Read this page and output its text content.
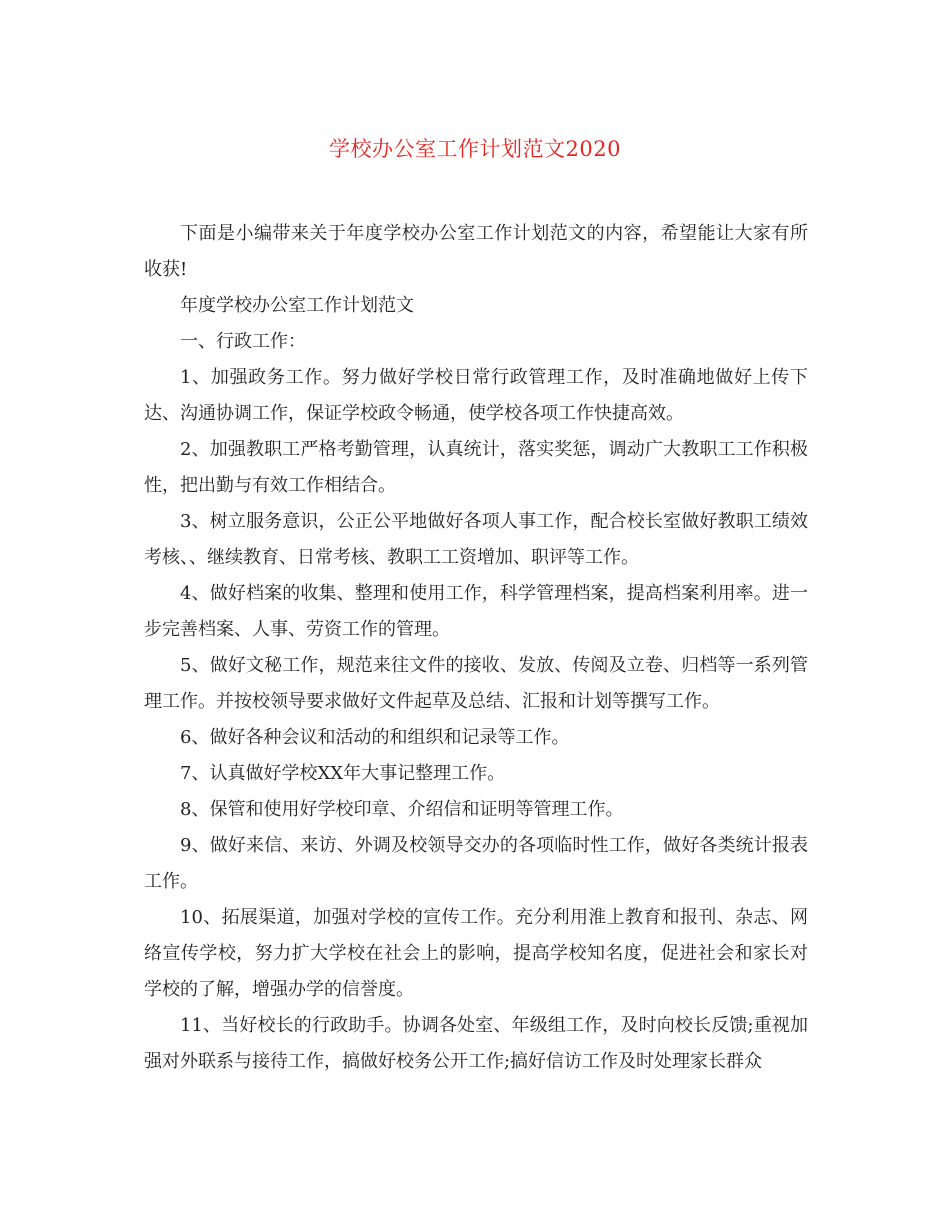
学校办公室工作计划范文2020

下面是小编带来关于年度学校办公室工作计划范文的内容，希望能让大家有所收获!

年度学校办公室工作计划范文

一、行政工作：

1、加强政务工作。努力做好学校日常行政管理工作，及时准确地做好上传下达、沟通协调工作，保证学校政令畅通，使学校各项工作快捷高效。

2、加强教职工严格考勤管理，认真统计，落实奖惩，调动广大教职工工作积极性，把出勤与有效工作相结合。

3、树立服务意识，公正公平地做好各项人事工作，配合校长室做好教职工绩效考核、、继续教育、日常考核、教职工工资增加、职评等工作。

4、做好档案的收集、整理和使用工作，科学管理档案，提高档案利用率。进一步完善档案、人事、劳资工作的管理。

5、做好文秘工作，规范来往文件的接收、发放、传阅及立卷、归档等一系列管理工作。并按校领导要求做好文件起草及总结、汇报和计划等撰写工作。

6、做好各种会议和活动的和组织和记录等工作。

7、认真做好学校XX年大事记整理工作。

8、保管和使用好学校印章、介绍信和证明等管理工作。

9、做好来信、来访、外调及校领导交办的各项临时性工作，做好各类统计报表工作。

10、拓展渠道，加强对学校的宣传工作。充分利用淮上教育和报刊、杂志、网络宣传学校，努力扩大学校在社会上的影响，提高学校知名度，促进社会和家长对学校的了解，增强办学的信誉度。

11、当好校长的行政助手。协调各处室、年级组工作，及时向校长反馈;重视加强对外联系与接待工作，搞做好校务公开工作;搞好信访工作及时处理家长群众
